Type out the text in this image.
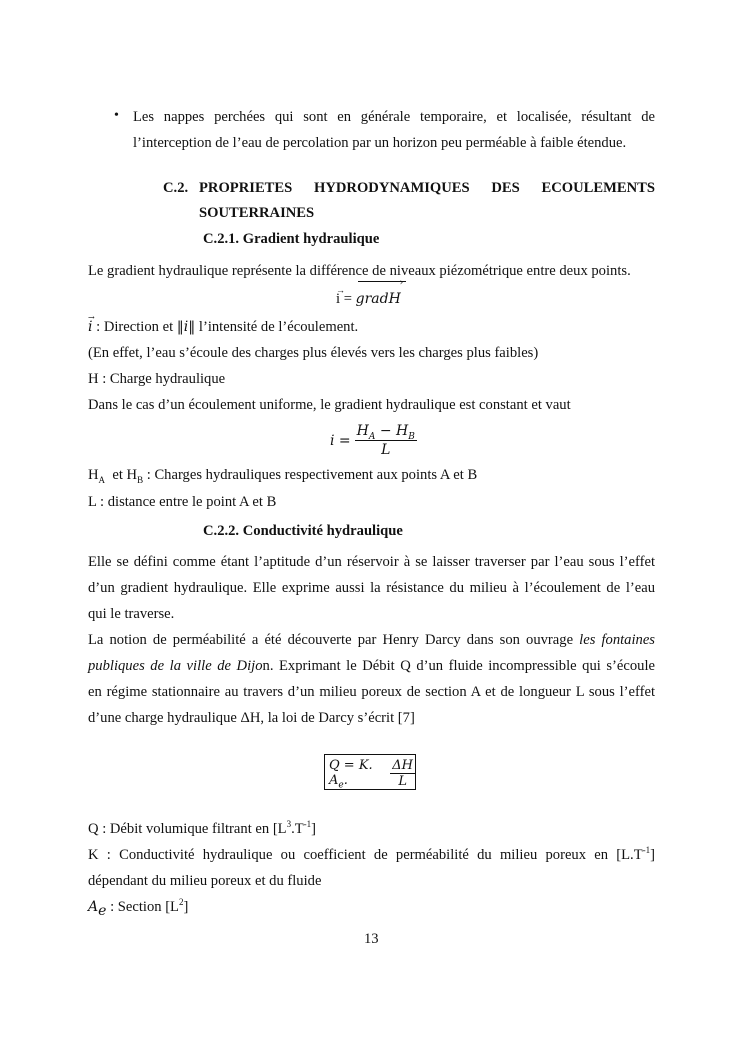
• Les nappes perchées qui sont en générale temporaire, et localisée, résultant de
l’interception de l’eau de percolation par un horizon peu perméable à faible étendue.
C.2. PROPRIETES HYDRODYNAMIQUES DES ECOULEMENTS
SOUTERRAINES
C.2.1. Gradient hydraulique
Le gradient hydraulique représente la différence de niveaux piézométrique entre deux points.
→
i =
›
gradH
→
i : Direction et ‖i‖ l’intensité de l’écoulement.
(En effet, l’eau s’écoule des charges plus élevés vers les charges plus faibles)
H : Charge hydraulique
Dans le cas d’un écoulement uniforme, le gradient hydraulique est constant et vaut
$i = \frac{H_A - H_B}{L}$
$H_A$  et $H_B$ : Charges hydrauliques respectivement aux points A et B
L : distance entre le point A et B
C.2.2. Conductivité hydraulique
Elle se défini comme étant l’aptitude d’un réservoir à se laisser traverser par l’eau sous l’effet
d’un gradient hydraulique. Elle exprime aussi la résistance du milieu à l’écoulement de l’eau
qui le traverse.
La notion de perméabilité a été découverte par Henry Darcy dans son ouvrage les fontaines
publiques de la ville de Dijon. Exprimant le Débit Q d’un fluide incompressible qui s’écoule
en régime stationnaire au travers d’un milieu poreux de section A et de longueur L sous l’effet
d’une charge hydraulique ΔH, la loi de Darcy s’écrit [7]
Q = K. $A_e$.	$\frac{\Delta H}{L}$
Q : Débit volumique filtrant en $[L^3.T^{-1}]$
K : Conductivité hydraulique ou coefficient de perméabilité du milieu poreux en $[L.T^{-1}]$
dépendant du milieu poreux et du fluide
$A_e$ : Section $[L^2]$
13
